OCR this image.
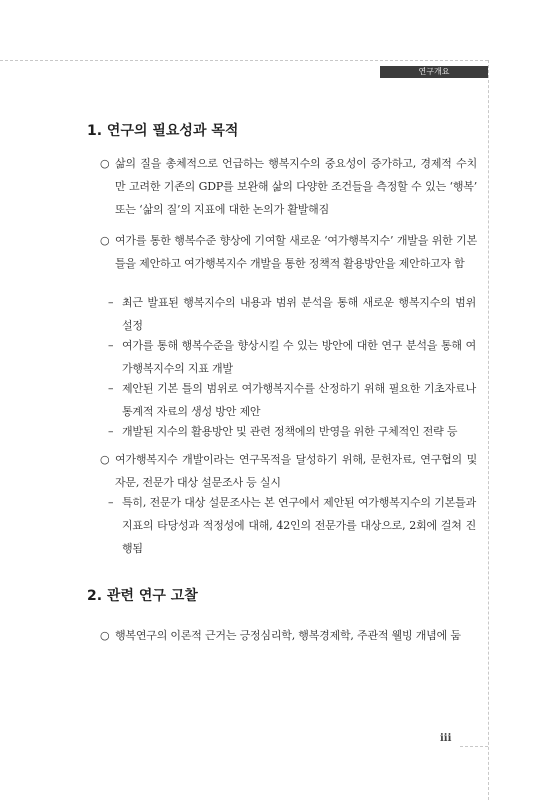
연구개요
1. 연구의 필요성과 목적

○ 삶의 질을 총체적으로 언급하는 행복지수의 중요성이 증가하고, 경제적 수치만 고려한 기존의 GDP를 보완해 삶의 다양한 조건들을 측정할 수 있는 ‘행복’ 또는 ‘삶의 질’의 지표에 대한 논의가 활발해짐

○ 여가를 통한 행복수준 향상에 기여할 새로운 ‘여가행복지수’ 개발을 위한 기본틀을 제안하고 여가행복지수 개발을 통한 정책적 활용방안을 제안하고자 함

– 최근 발표된 행복지수의 내용과 범위 분석을 통해 새로운 행복지수의 범위 설정

– 여가를 통해 행복수준을 향상시킬 수 있는 방안에 대한 연구 분석을 통해 여가행복지수의 지표 개발

– 제안된 기본 틀의 범위로 여가행복지수를 산정하기 위해 필요한 기초자료나 통계적 자료의 생성 방안 제안

– 개발된 지수의 활용방안 및 관련 정책에의 반영을 위한 구체적인 전략 등

○ 여가행복지수 개발이라는 연구목적을 달성하기 위해, 문헌자료, 연구협의 및 자문, 전문가 대상 설문조사 등 실시

– 특히, 전문가 대상 설문조사는 본 연구에서 제안된 여가행복지수의 기본틀과 지표의 타당성과 적정성에 대해, 42인의 전문가를 대상으로, 2회에 걸쳐 진행됨

2. 관련 연구 고찰

○ 행복연구의 이론적 근거는 긍정심리학, 행복경제학, 주관적 웰빙 개념에 둠

iii
